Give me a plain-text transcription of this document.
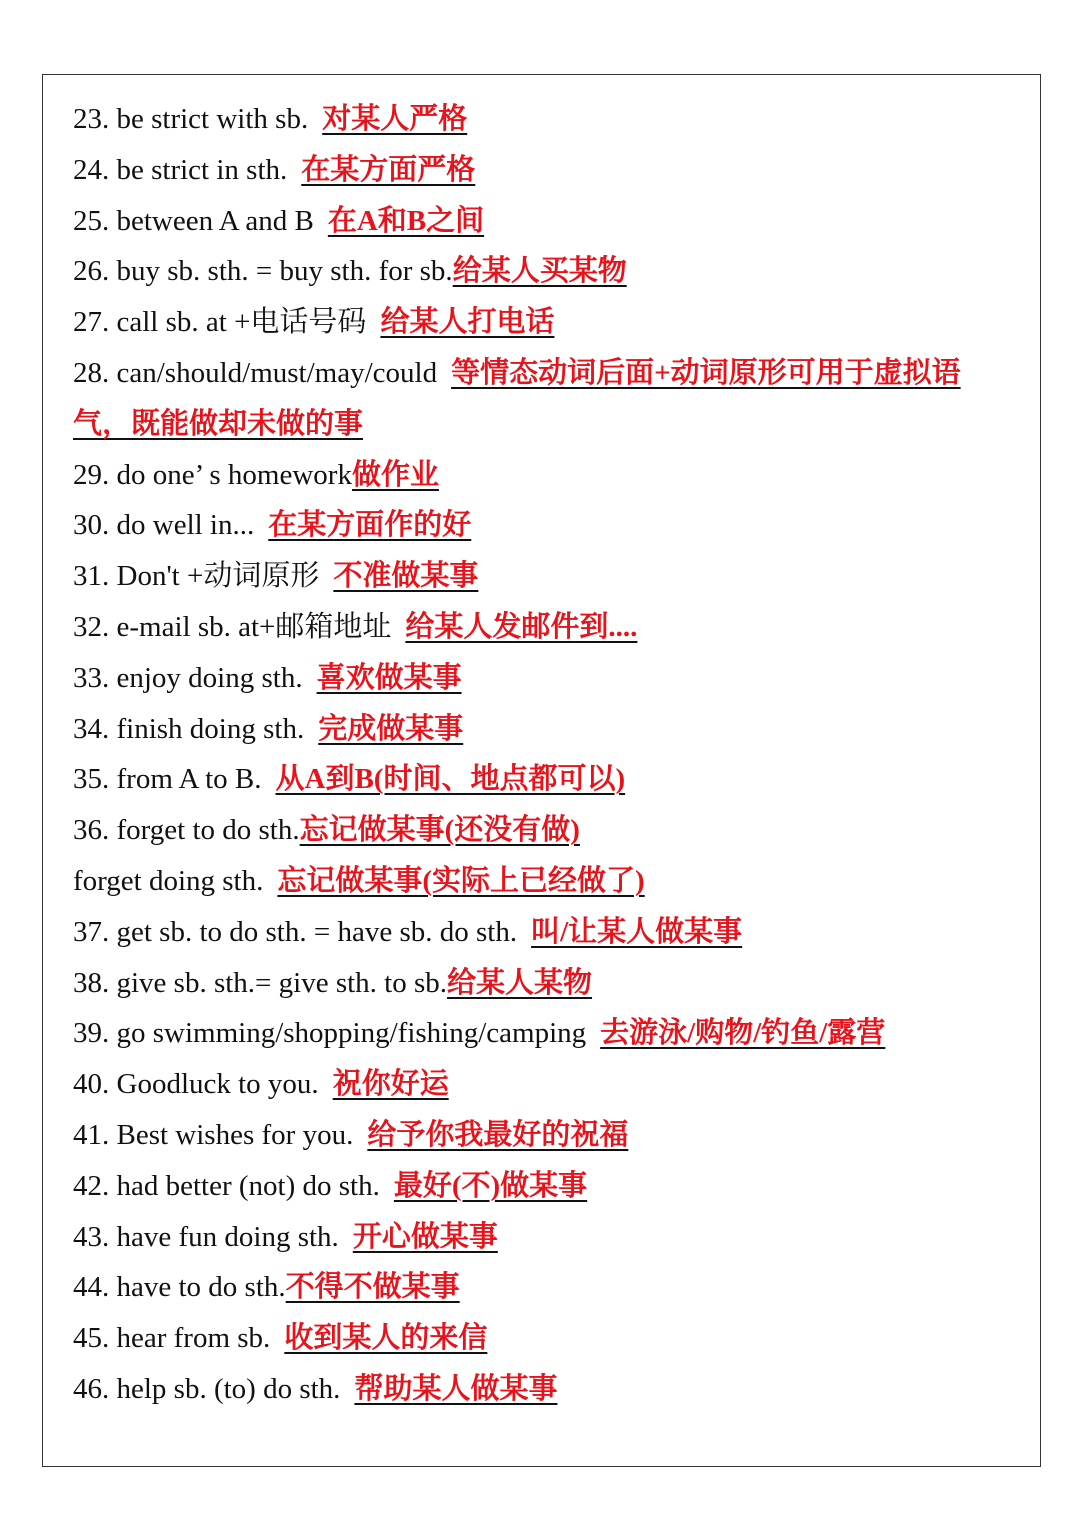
23. be strict with sb. 对某人严格
24. be strict in sth. 在某方面严格
25. between A and B 在A和B之间
26. buy sb. sth. = buy sth. for sb.给某人买某物
27. call sb. at +电话号码 给某人打电话
28. can/should/must/may/could 等情态动词后面+动词原形可用于虚拟语气，既能做却未做的事
29. do one’ s homework做作业
30. do well in... 在某方面作的好
31. Don't +动词原形 不准做某事
32. e-mail sb. at+邮箱地址 给某人发邮件到....
33. enjoy doing sth. 喜欢做某事
34. finish doing sth. 完成做某事
35. from A to B. 从A到B(时间、地点都可以)
36. forget to do sth.忘记做某事(还没有做)
forget doing sth. 忘记做某事(实际上已经做了)
37. get sb. to do sth. = have sb. do sth. 叫/让某人做某事
38. give sb. sth.= give sth. to sb.给某人某物
39. go swimming/shopping/fishing/camping 去游泳/购物/钓鱼/露营
40. Goodluck to you. 祝你好运
41. Best wishes for you. 给予你我最好的祝福
42. had better (not) do sth. 最好(不)做某事
43. have fun doing sth. 开心做某事
44. have to do sth.不得不做某事
45. hear from sb. 收到某人的来信
46. help sb. (to) do sth. 帮助某人做某事
